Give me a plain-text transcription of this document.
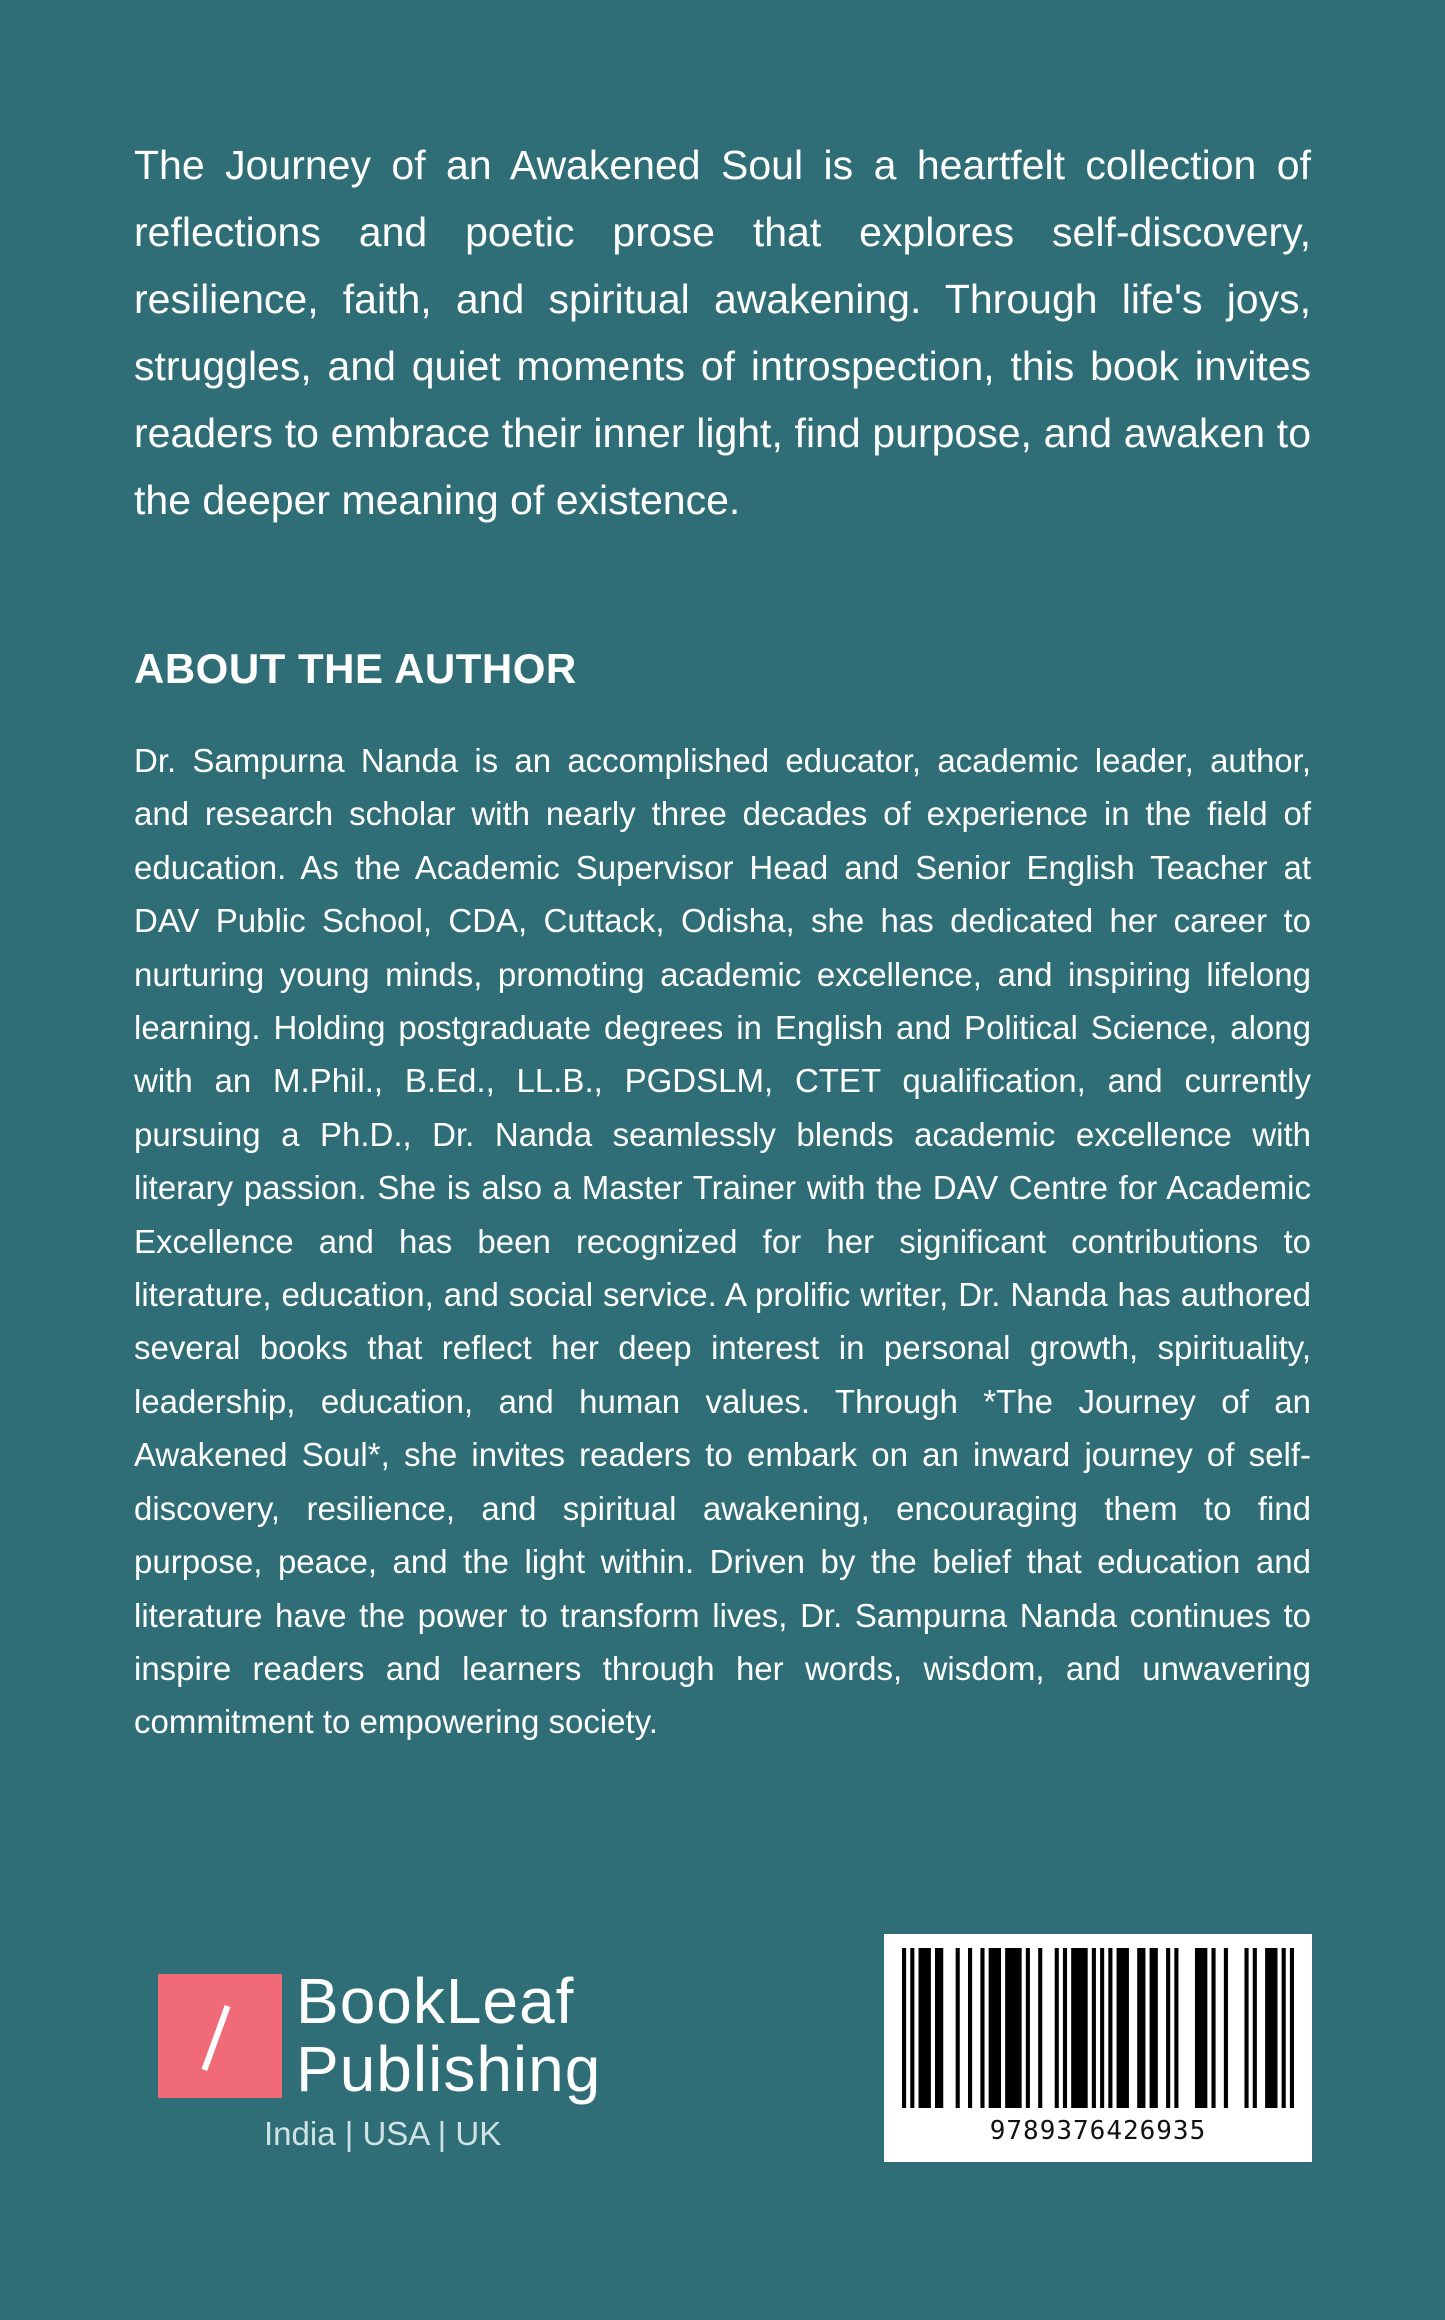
The Journey of an Awakened Soul is a heartfelt collection of reflections and poetic prose that explores self-discovery, resilience, faith, and spiritual awakening. Through life's joys, struggles, and quiet moments of introspection, this book invites readers to embrace their inner light, find purpose, and awaken to the deeper meaning of existence.

ABOUT THE AUTHOR

Dr. Sampurna Nanda is an accomplished educator, academic leader, author, and research scholar with nearly three decades of experience in the field of education. As the Academic Supervisor Head and Senior English Teacher at DAV Public School, CDA, Cuttack, Odisha, she has dedicated her career to nurturing young minds, promoting academic excellence, and inspiring lifelong learning. Holding postgraduate degrees in English and Political Science, along with an M.Phil., B.Ed., LL.B., PGDSLM, CTET qualification, and currently pursuing a Ph.D., Dr. Nanda seamlessly blends academic excellence with literary passion. She is also a Master Trainer with the DAV Centre for Academic Excellence and has been recognized for her significant contributions to literature, education, and social service. A prolific writer, Dr. Nanda has authored several books that reflect her deep interest in personal growth, spirituality, leadership, education, and human values. Through *The Journey of an Awakened Soul*, she invites readers to embark on an inward journey of self-discovery, resilience, and spiritual awakening, encouraging them to find purpose, peace, and the light within. Driven by the belief that education and literature have the power to transform lives, Dr. Sampurna Nanda continues to inspire readers and learners through her words, wisdom, and unwavering commitment to empowering society.

BookLeaf
Publishing
India | USA | UK	9789376426935
